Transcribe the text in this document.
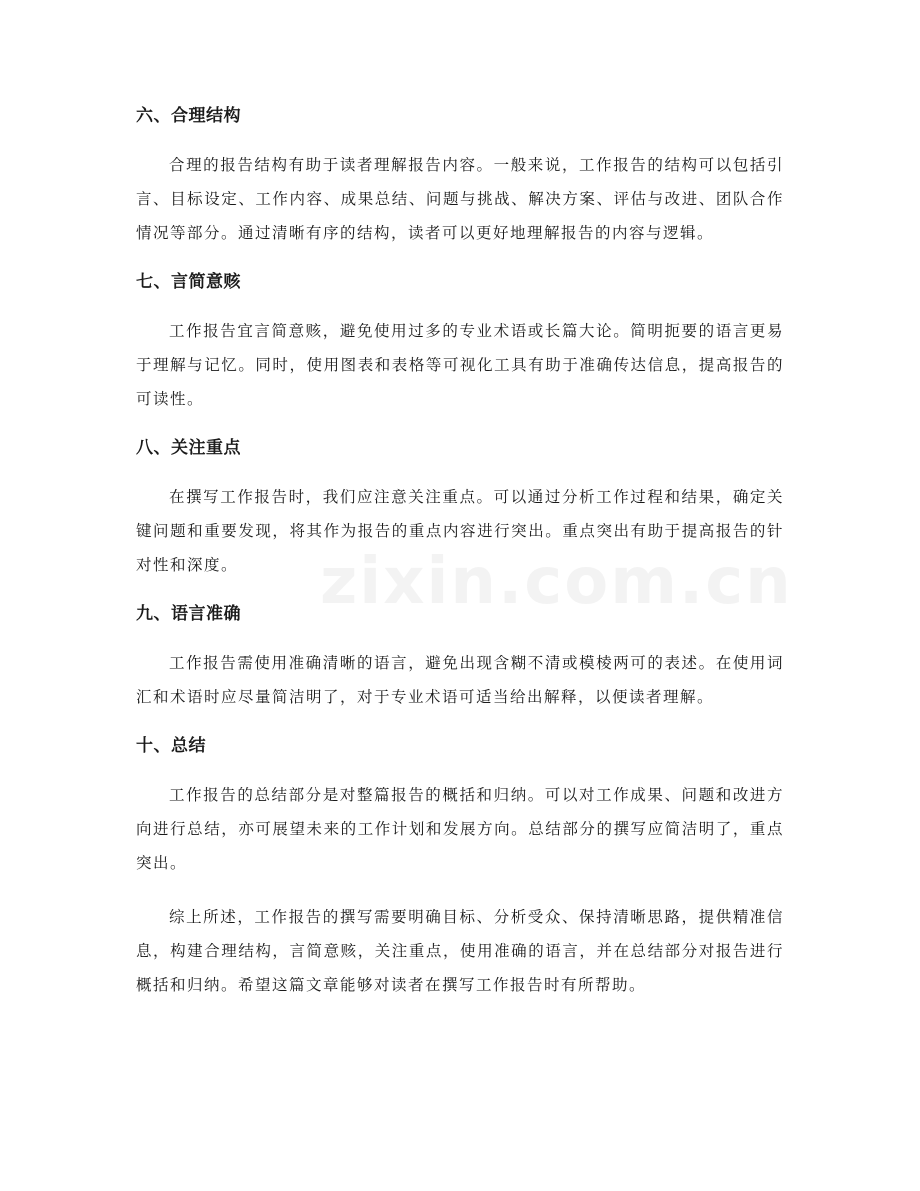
zixin.com.cn
六、合理结构

合理的报告结构有助于读者理解报告内容。一般来说，工作报告的结构可以包括引言、目标设定、工作内容、成果总结、问题与挑战、解决方案、评估与改进、团队合作情况等部分。通过清晰有序的结构，读者可以更好地理解报告的内容与逻辑。

七、言简意赅

工作报告宜言简意赅，避免使用过多的专业术语或长篇大论。简明扼要的语言更易于理解与记忆。同时，使用图表和表格等可视化工具有助于准确传达信息，提高报告的可读性。

八、关注重点

在撰写工作报告时，我们应注意关注重点。可以通过分析工作过程和结果，确定关键问题和重要发现，将其作为报告的重点内容进行突出。重点突出有助于提高报告的针对性和深度。

九、语言准确

工作报告需使用准确清晰的语言，避免出现含糊不清或模棱两可的表述。在使用词汇和术语时应尽量简洁明了，对于专业术语可适当给出解释，以便读者理解。

十、总结

工作报告的总结部分是对整篇报告的概括和归纳。可以对工作成果、问题和改进方向进行总结，亦可展望未来的工作计划和发展方向。总结部分的撰写应简洁明了，重点突出。

综上所述，工作报告的撰写需要明确目标、分析受众、保持清晰思路，提供精准信息，构建合理结构，言简意赅，关注重点，使用准确的语言，并在总结部分对报告进行概括和归纳。希望这篇文章能够对读者在撰写工作报告时有所帮助。
